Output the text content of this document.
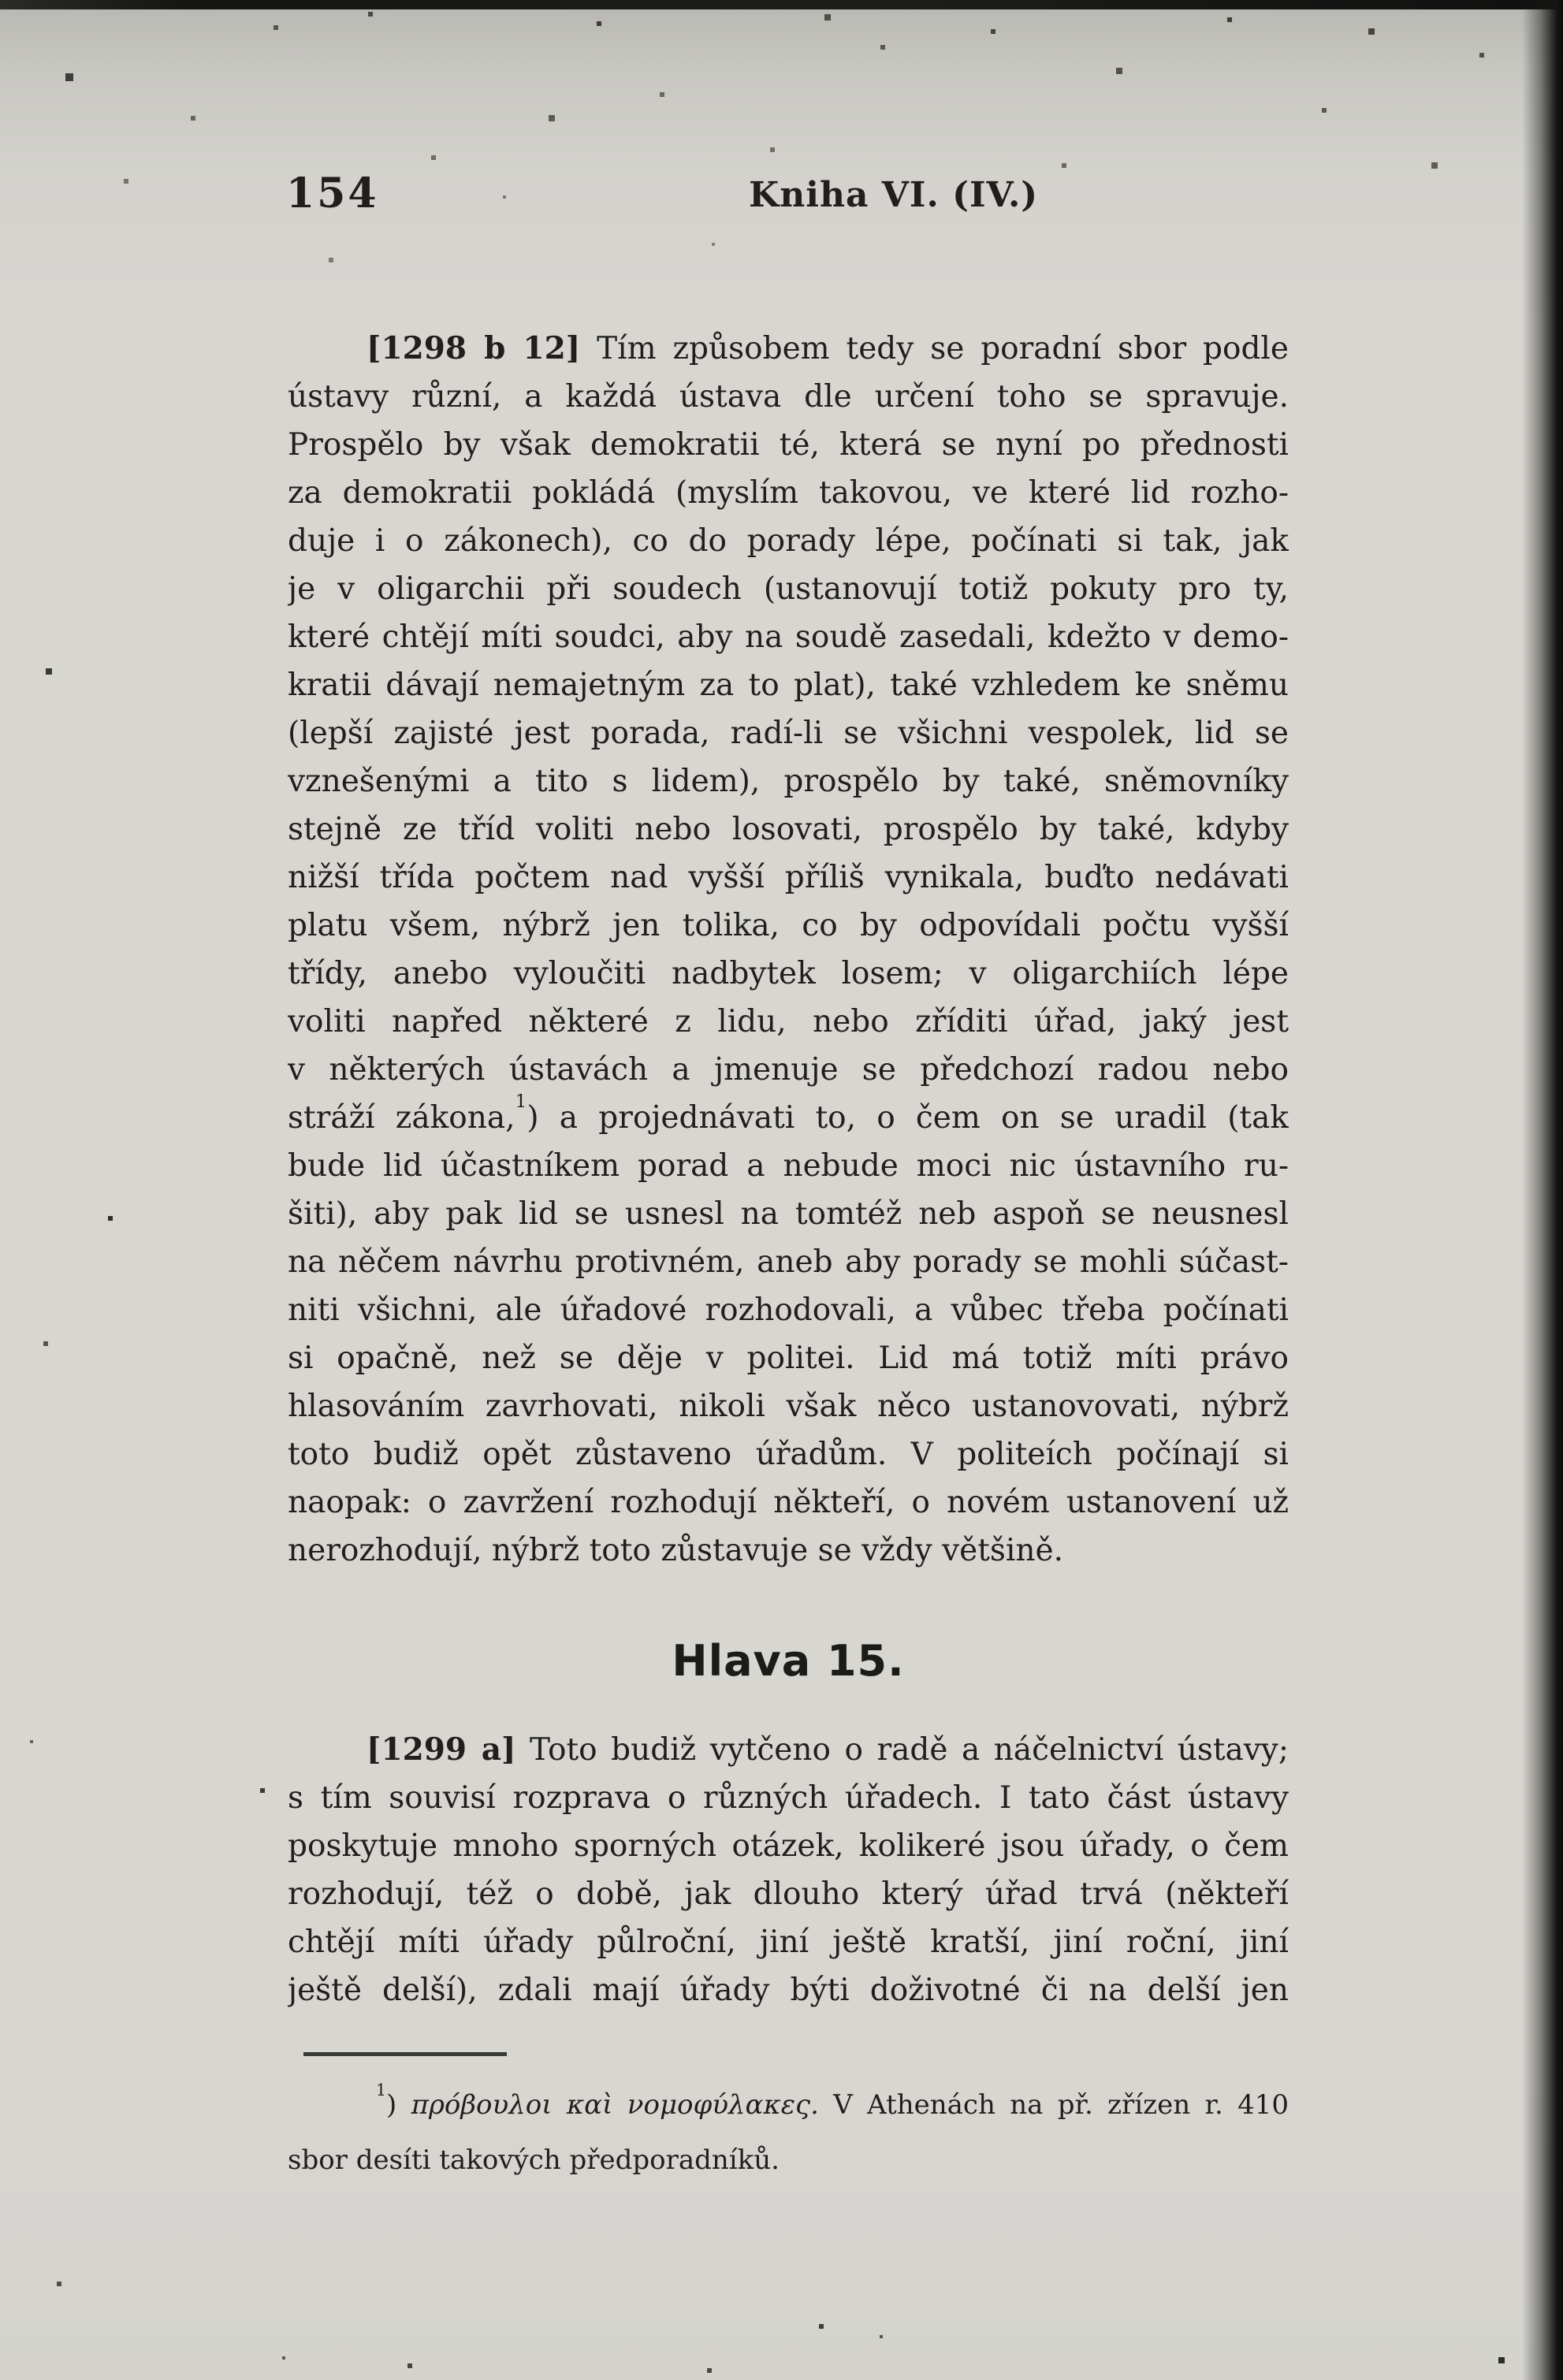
154	Kniha VI. (IV.)
[1298 b 12] Tím způsobem tedy se poradní sbor podle
ústavy různí, a každá ústava dle určení toho se spravuje.
Prospělo by však demokratii té, která se nyní po přednosti
za demokratii pokládá (myslím takovou, ve které lid rozho-
duje i o zákonech), co do porady lépe, počínati si tak, jak
je v oligarchii při soudech (ustanovují totiž pokuty pro ty,
které chtějí míti soudci, aby na soudě zasedali, kdežto v demo-
kratii dávají nemajetným za to plat), také vzhledem ke sněmu
(lepší zajisté jest porada, radí-li se všichni vespolek, lid se
vznešenými a tito s lidem), prospělo by také, sněmovníky
stejně ze tříd voliti nebo losovati, prospělo by také, kdyby
nižší třída počtem nad vyšší příliš vynikala, buďto nedávati
platu všem, nýbrž jen tolika, co by odpovídali počtu vyšší
třídy, anebo vyloučiti nadbytek losem; v oligarchiích lépe
voliti napřed některé z lidu, nebo zříditi úřad, jaký jest
v některých ústavách a jmenuje se předchozí radou nebo
stráží zákona,$^1$) a projednávati to, o čem on se uradil (tak
bude lid účastníkem porad a nebude moci nic ústavního ru-
šiti), aby pak lid se usnesl na tomtéž neb aspoň se neusnesl
na něčem návrhu protivném, aneb aby porady se mohli súčast-
niti všichni, ale úřadové rozhodovali, a vůbec třeba počínati
si opačně, než se děje v politei. Lid má totiž míti právo
hlasováním zavrhovati, nikoli však něco ustanovovati, nýbrž
toto budiž opět zůstaveno úřadům. V politeích počínají si
naopak: o zavržení rozhodují někteří, o novém ustanovení už
nerozhodují, nýbrž toto zůstavuje se vždy většině.
Hlava 15.
[1299 a] Toto budiž vytčeno o radě a náčelnictví ústavy;
s tím souvisí rozprava o různých úřadech. I tato část ústavy
poskytuje mnoho sporných otázek, kolikeré jsou úřady, o čem
rozhodují, též o době, jak dlouho který úřad trvá (někteří
chtějí míti úřady půlroční, jiní ještě kratší, jiní roční, jiní
ještě delší), zdali mají úřady býti doživotné či na delší jen
$^1$) πρόβουλοι καὶ νομοφύλακες. V Athenách na př. zřízen r. 410
sbor desíti takových předporadníků.
